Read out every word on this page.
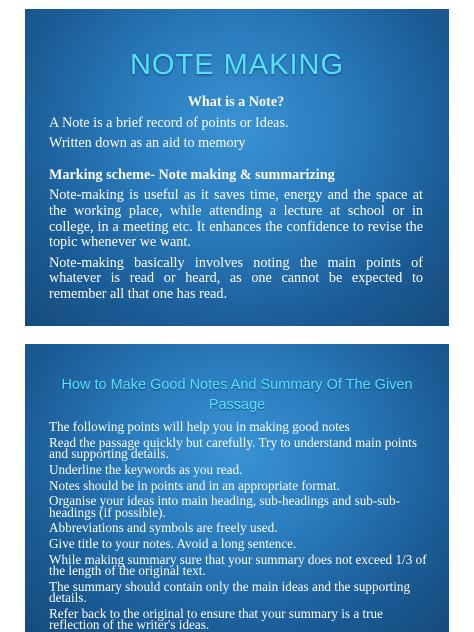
NOTE MAKING

What is a Note?

A Note is a brief record of points or Ideas.

Written down as an aid to memory

Marking scheme- Note making & summarizing

Note-making is useful as it saves time, energy and the space at the working place, while attending a lecture at school or in college, in a meeting etc. It enhances the confidence to revise the topic whenever we want.

Note-making basically involves noting the main points of whatever is read or heard, as one cannot be expected to remember all that one has read.

How to Make Good Notes And Summary Of The Given Passage

The following points will help you in making good notes

Read the passage quickly but carefully. Try to understand main points and supporting details.

Underline the keywords as you read.

Notes should be in points and in an appropriate format.

Organise your ideas into main heading, sub-headings and sub-sub-headings (if possible).

Abbreviations and symbols are freely used.

Give title to your notes. Avoid a long sentence.

While making summary sure that your summary does not exceed 1/3 of the length of the original text.

The summary should contain only the main ideas and the supporting details.

Refer back to the original to ensure that your summary is a true reflection of the writer's ideas.
